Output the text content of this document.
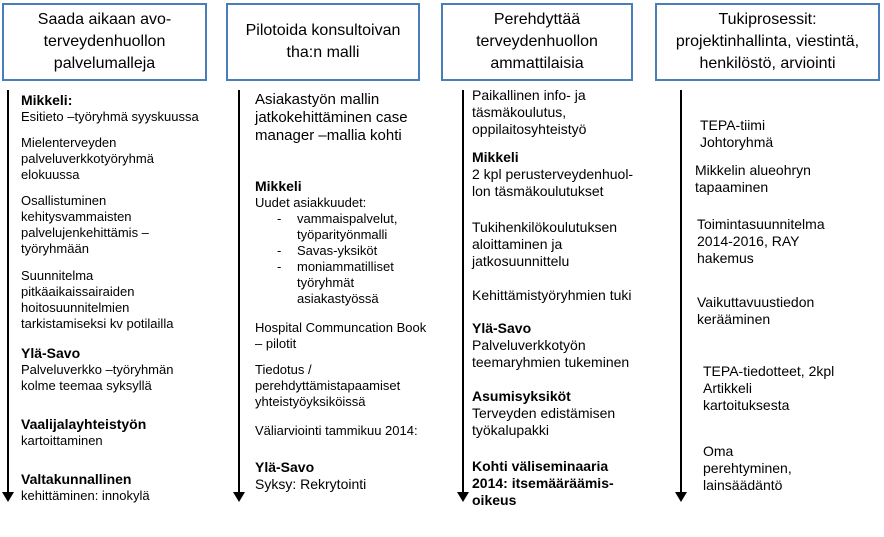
Saada aikaan avo-
terveydenhuollon
palvelumalleja
Pilotoida konsultoivan
tha:n malli
Perehdyttää
terveydenhuollon
ammattilaisia
Tukiprosessit:
projektinhallinta, viestintä,
henkilöstö, arviointi
Mikkeli:
Esitieto –työryhmä syyskuussa
Mielenterveyden
palveluverkkotyöryhmä
elokuussa
Osallistuminen
kehitysvammaisten
palvelujenkehittämis –
työryhmään
Suunnitelma
pitkäaikaissairaiden
hoitosuunnitelmien
tarkistamiseksi kv potilailla
Ylä-Savo
Palveluverkko –työryhmän
kolme teemaa syksyllä
Vaalijalayhteistyön
kartoittaminen
Valtakunnallinen
kehittäminen: innokylä
Asiakastyön mallin
jatkokehittäminen case
manager –mallia kohti
Mikkeli
Uudet asiakkuudet:
- vammaispalvelut,
työparityönmalli
- Savas-yksiköt
- moniammatilliset
työryhmät
asiakastyössä
Hospital Communcation Book
– pilotit
Tiedotus /
perehdyttämistapaamiset
yhteistyöyksiköissä
Väliarviointi tammikuu 2014:
Ylä-Savo
Syksy: Rekrytointi
Paikallinen info- ja
täsmäkoulutus,
oppilaitosyhteistyö
Mikkeli
2 kpl perusterveydenhuol-
lon täsmäkoulutukset
Tukihenkilökoulutuksen
aloittaminen ja
jatkosuunnittelu
Kehittämistyöryhmien tuki
Ylä-Savo
Palveluverkkotyön
teemaryhmien tukeminen
Asumisyksiköt
Terveyden edistämisen
työkalupakki
Kohti väliseminaaria
2014: itsemääräämis-
oikeus
TEPA-tiimi
Johtoryhmä
Mikkelin alueohryn
tapaaminen
Toimintasuunnitelma
2014-2016, RAY
hakemus
Vaikuttavuustiedon
kerääminen
TEPA-tiedotteet, 2kpl
Artikkeli
kartoituksesta
Oma
perehtyminen,
lainsäädäntö
